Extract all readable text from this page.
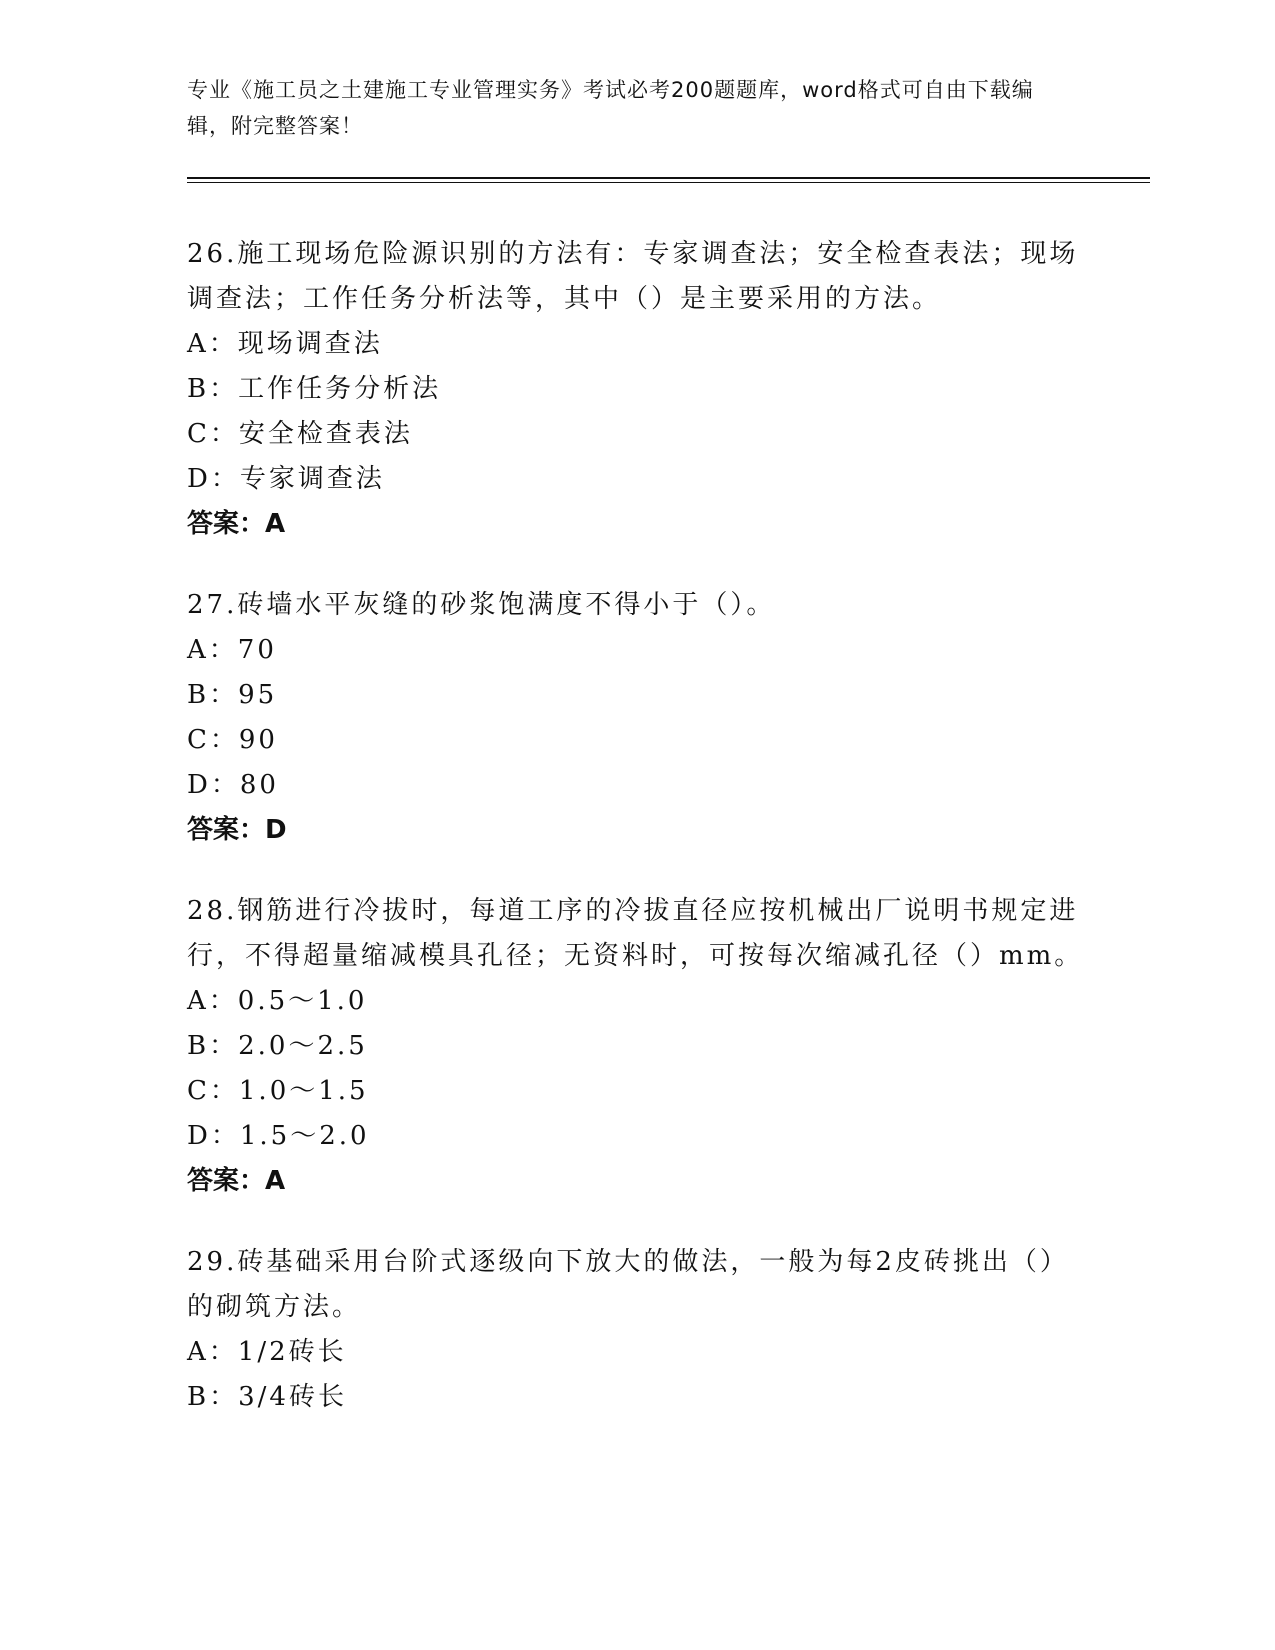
专业《施工员之土建施工专业管理实务》考试必考200题题库，word格式可自由下载编辑，附完整答案！

26.施工现场危险源识别的方法有：专家调查法；安全检查表法；现场调查法；工作任务分析法等，其中（）是主要采用的方法。

A：现场调查法

B：工作任务分析法

C：安全检查表法

D：专家调查法

答案：A

27.砖墙水平灰缝的砂浆饱满度不得小于（）。

A：70

B：95

C：90

D：80

答案：D

28.钢筋进行冷拔时，每道工序的冷拔直径应按机械出厂说明书规定进行，不得超量缩减模具孔径；无资料时，可按每次缩减孔径（）mm。

A：0.5～1.0

B：2.0～2.5

C：1.0～1.5

D：1.5～2.0

答案：A

29.砖基础采用台阶式逐级向下放大的做法，一般为每2皮砖挑出（）的砌筑方法。

A：1/2砖长

B：3/4砖长
